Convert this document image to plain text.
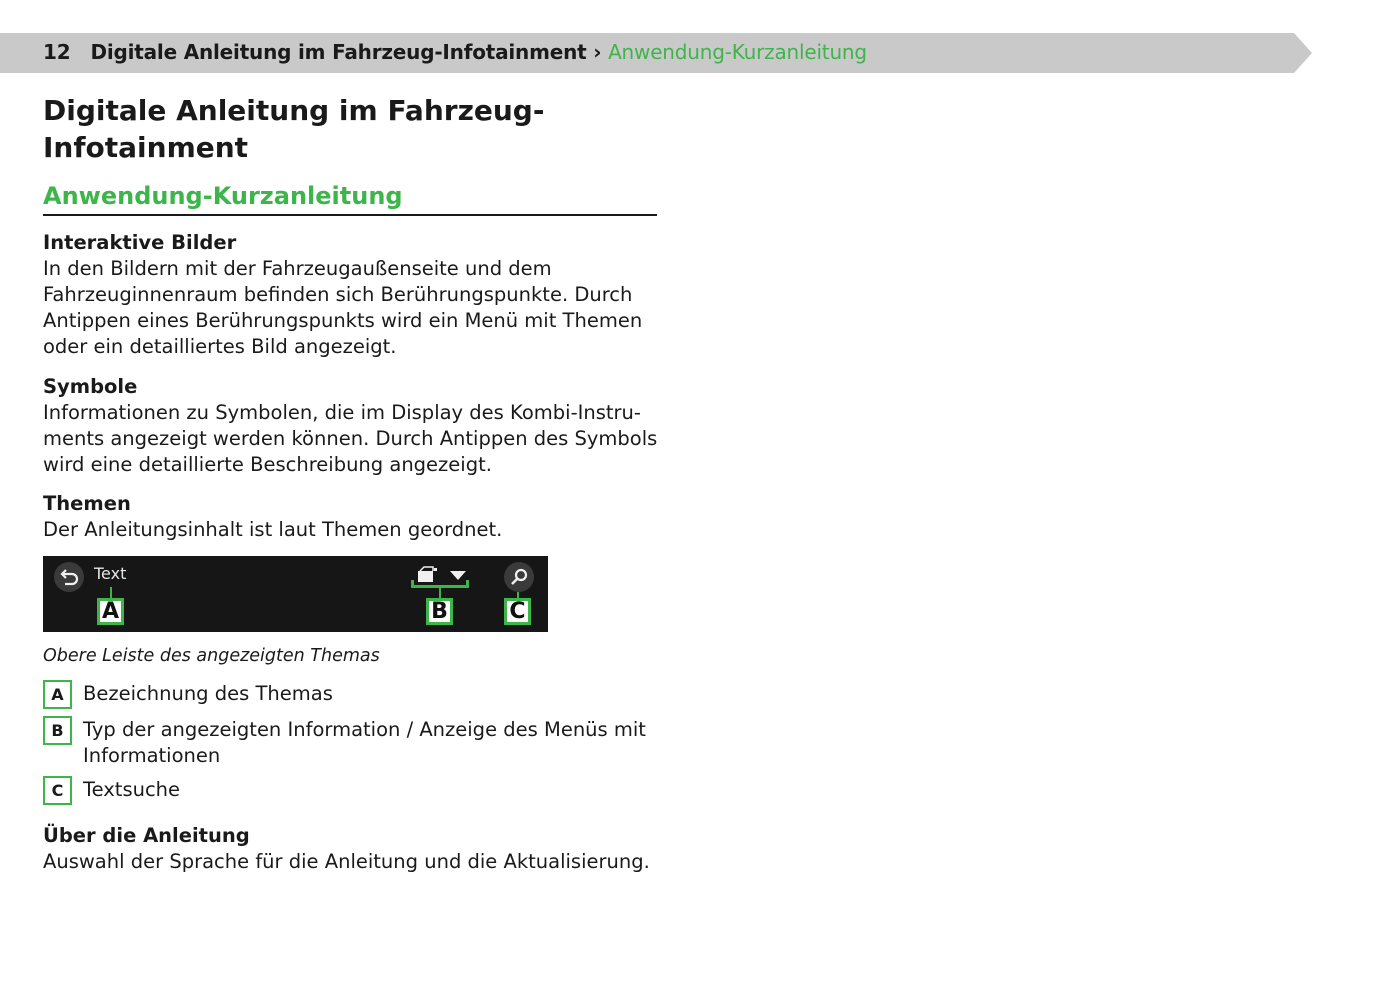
12 Digitale Anleitung im Fahrzeug-Infotainment › Anwendung-Kurzanleitung
Digitale Anleitung im Fahrzeug-Infotainment
Anwendung-Kurzanleitung
Interaktive Bilder
In den Bildern mit der Fahrzeugaußenseite und dem Fahrzeuginnenraum befinden sich Berührungspunkte. Durch Antippen eines Berührungspunkts wird ein Menü mit Themen oder ein detailliertes Bild angezeigt.
Symbole
Informationen zu Symbolen, die im Display des Kombi-Instruments angezeigt werden können. Durch Antippen des Symbols wird eine detaillierte Beschreibung angezeigt.
Themen
Der Anleitungsinhalt ist laut Themen geordnet.
Text
A	B	C
Obere Leiste des angezeigten Themas
A Bezeichnung des Themas
B Typ der angezeigten Information / Anzeige des Menüs mit Informationen
C	Textsuche
Über die Anleitung
Auswahl der Sprache für die Anleitung und die Aktualisierung.
